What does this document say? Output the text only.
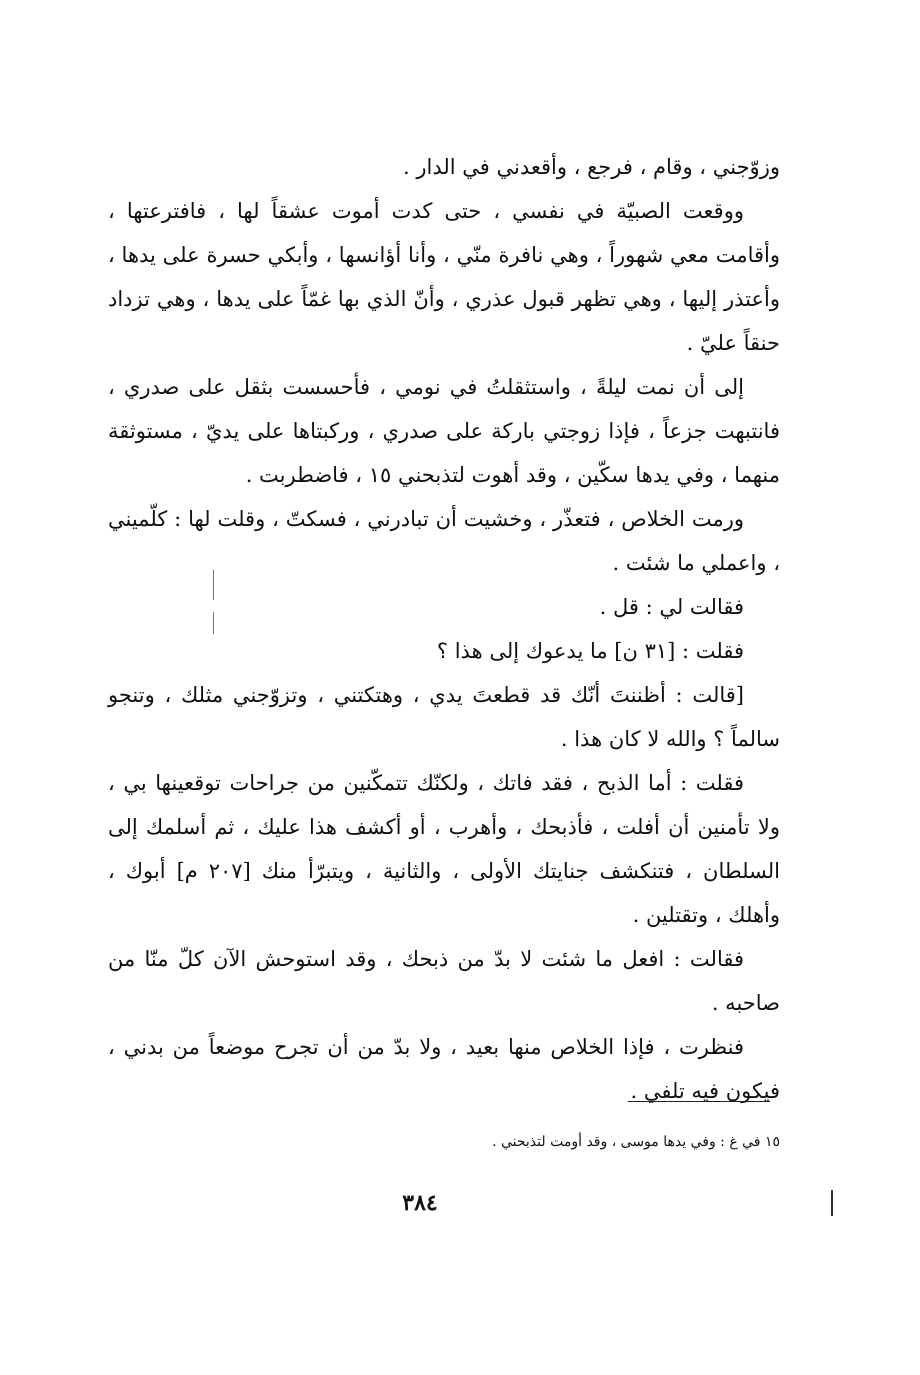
وزوّجني ، وقام ، فرجع ، وأقعدني في الدار .

ووقعت الصبيّة في نفسي ، حتى كدت أموت عشقاً لها ، فافترعتها ، وأقامت معي شهوراً ، وهي نافرة منّي ، وأنا أؤانسها ، وأبكي حسرة على يدها ، وأعتذر إليها ، وهي تظهر قبول عذري ، وأنّ الذي بها غمّاً على يدها ، وهي تزداد حنقاً عليّ .

إلى أن نمت ليلةً ، واستثقلتُ في نومي ، فأحسست بثقل على صدري ، فانتبهت جزعاً ، فإذا زوجتي باركة على صدري ، وركبتاها على يديّ ، مستوثقة منهما ، وفي يدها سكّين ، وقد أهوت لتذبحني ١٥ ، فاضطربت .

ورمت الخلاص ، فتعذّر ، وخشيت أن تبادرني ، فسكتّ ، وقلت لها : كلّميني ، واعملي ما شئت .

فقالت لي : قل .

فقلت : [٣١ ن] ما يدعوك إلى هذا ؟

[قالت : أظننتَ أنّك قد قطعتَ يدي ، وهتكتني ، وتزوّجني مثلك ، وتنجو سالماً ؟ والله لا كان هذا .

فقلت : أما الذبح ، فقد فاتك ، ولكنّك تتمكّنين من جراحات توقعينها بي ، ولا تأمنين أن أفلت ، فأذبحك ، وأهرب ، أو أكشف هذا عليك ، ثم أسلمك إلى السلطان ، فتنكشف جنايتك الأولى ، والثانية ، ويتبرّأ منك [٢٠٧ م] أبوك ، وأهلك ، وتقتلين .

فقالت : افعل ما شئت لا بدّ من ذبحك ، وقد استوحش الآن كلّ منّا من صاحبه .

فنظرت ، فإذا الخلاص منها بعيد ، ولا بدّ من أن تجرح موضعاً من بدني ، فيكون فيه تلفي .

١٥ في غ : وفي يدها موسى ، وقد أومت لتذبحني .
٣٨٤
